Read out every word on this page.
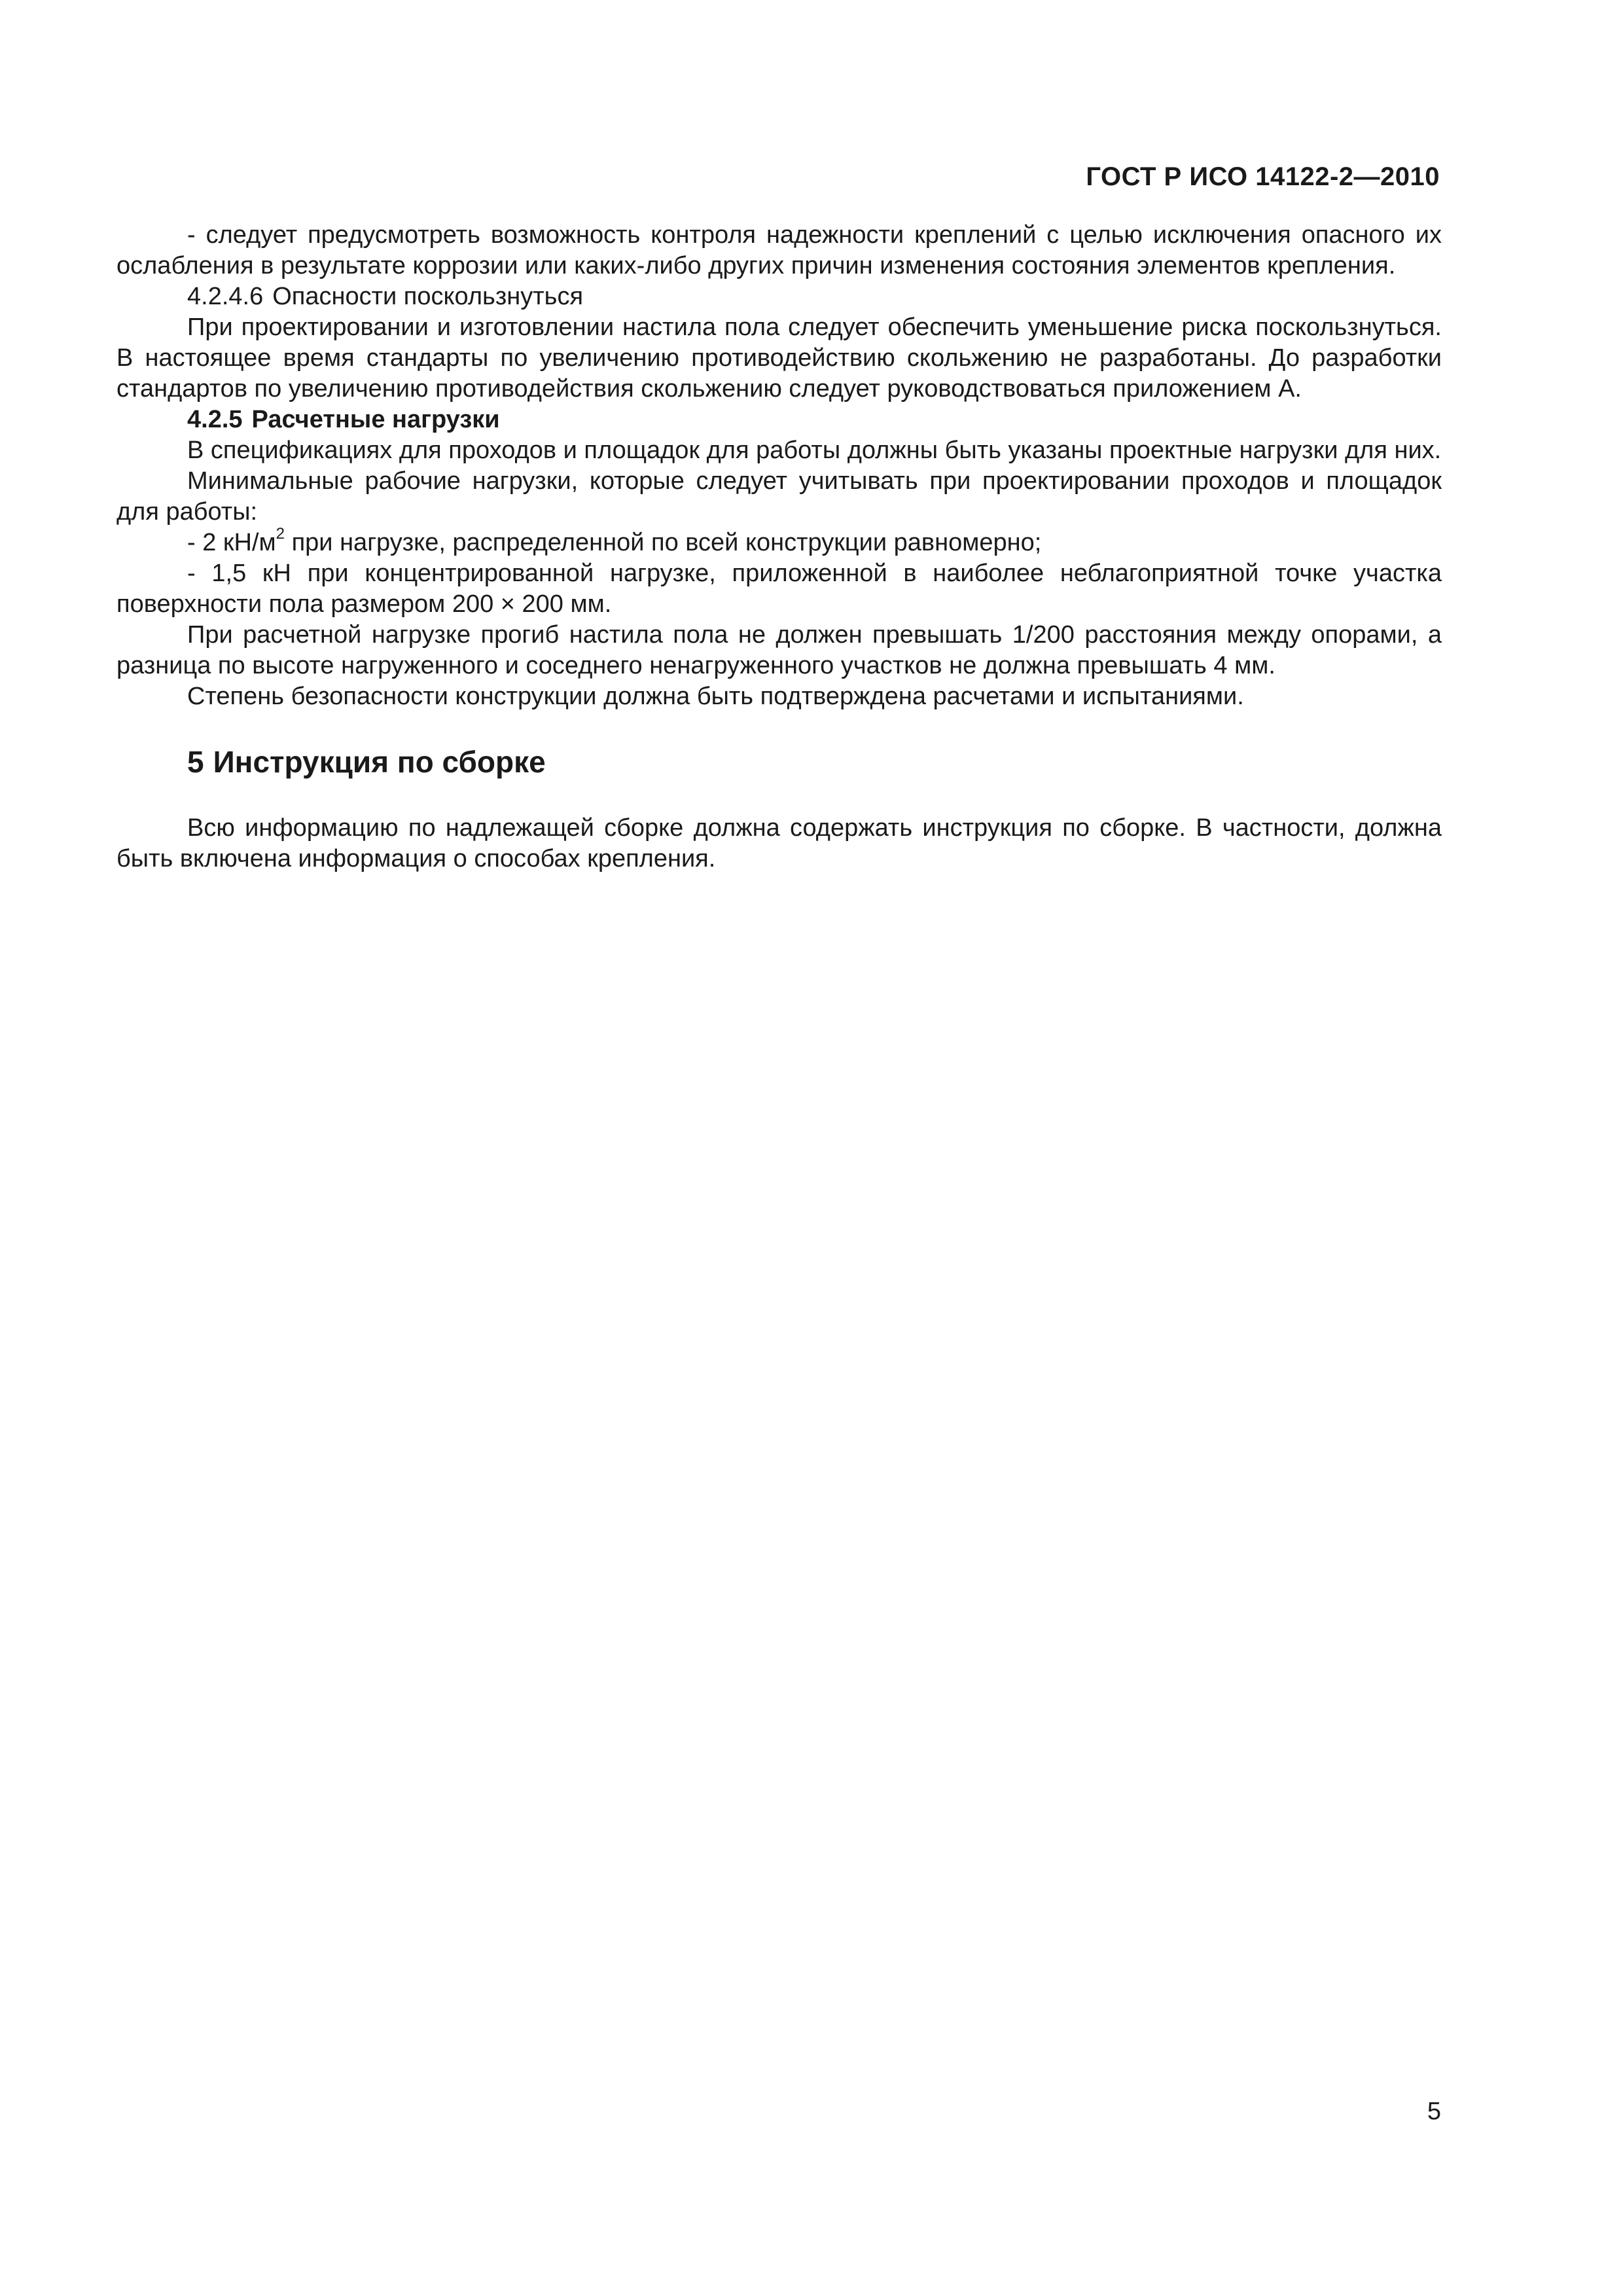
ГОСТ Р ИСО 14122-2—2010

- следует предусмотреть возможность контроля надежности креплений с целью исключения опасного их ослабления в результате коррозии или каких-либо других причин изменения состояния элементов крепления.

4.2.4.6 Опасности поскользнуться

При проектировании и изготовлении настила пола следует обеспечить уменьшение риска поскользнуться. В настоящее время стандарты по увеличению противодействию скольжению не разработаны. До разработки стандартов по увеличению противодействия скольжению следует руководствоваться приложением А.

4.2.5 Расчетные нагрузки

В спецификациях для проходов и площадок для работы должны быть указаны проектные нагрузки для них.

Минимальные рабочие нагрузки, которые следует учитывать при проектировании проходов и площадок для работы:

- 2 $кН/м^2$ при нагрузке, распределенной по всей конструкции равномерно;

- 1,5 кН при концентрированной нагрузке, приложенной в наиболее неблагоприятной точке участка поверхности пола размером 200 × 200 мм.

При расчетной нагрузке прогиб настила пола не должен превышать 1/200 расстояния между опорами, а разница по высоте нагруженного и соседнего ненагруженного участков не должна превышать 4 мм.

Степень безопасности конструкции должна быть подтверждена расчетами и испытаниями.

5 Инструкция по сборке

Всю информацию по надлежащей сборке должна содержать инструкция по сборке. В частности, должна быть включена информация о способах крепления.

5
